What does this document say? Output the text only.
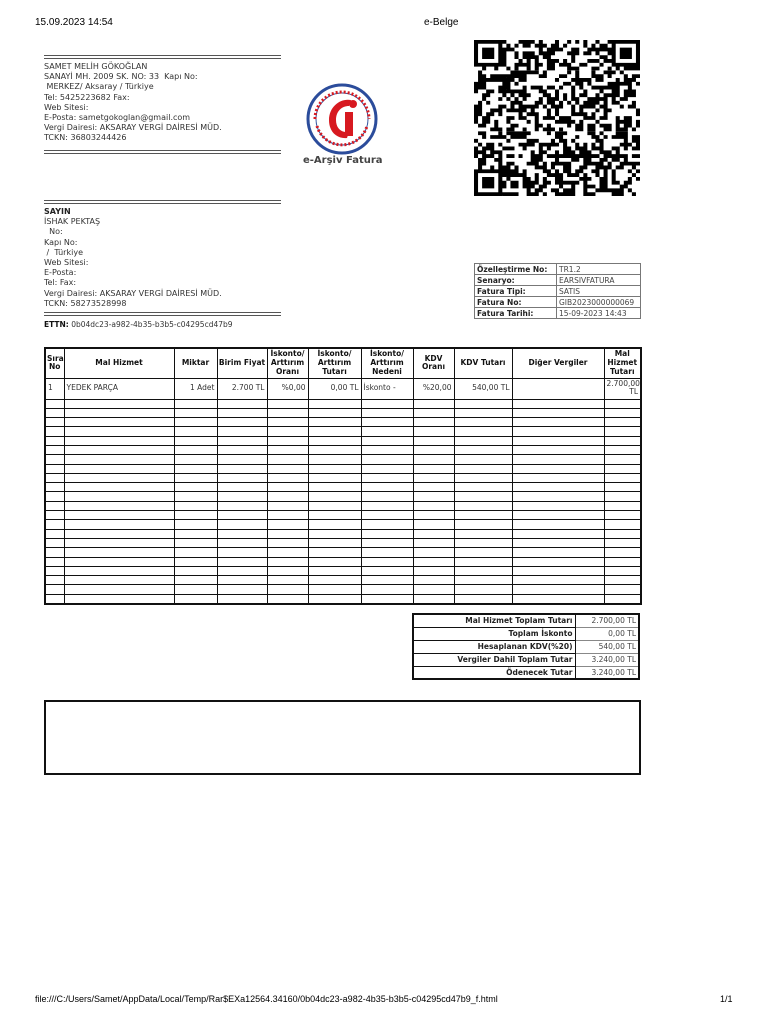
15.09.2023 14:54	e-Belge
SAMET MELİH GÖKOĞLAN
SANAYİ MH. 2009 SK. NO: 33  Kapı No:
MERKEZ/ Aksaray / Türkiye
Tel: 5425223682 Fax:
Web Sitesi:
E-Posta: sametgokoglan@gmail.com
Vergi Dairesi: AKSARAY VERGİ DAİRESİ MÜD.
TCKN: 36803244426
e-Arşiv Fatura
SAYIN
İSHAK PEKTAŞ
No:
Kapı No:
/  Türkiye
Web Sitesi:
E-Posta:
Tel: Fax:
Vergi Dairesi: AKSARAY VERGİ DAİRESİ MÜD.
TCKN: 58273528998
Özelleştirme No:	TR1.2
Senaryo:	EARSIVFATURA
Fatura Tipi:	SATIS
Fatura No:	GIB2023000000069
Fatura Tarihi:	15-09-2023 14:43
ETTN: 0b04dc23-a982-4b35-b3b5-c04295cd47b9
Sıra
No	Mal Hizmet	Miktar	Birim Fiyat	İskonto/
Arttırım
Oranı	İskonto/
Arttırım
Tutarı	İskonto/
Arttırım
Nedeni	KDV
Oranı	KDV Tutarı	Diğer Vergiler	Mal
Hizmet
Tutarı
1	YEDEK PARÇA	1 Adet	2.700 TL	%0,00	0,00 TL	İskonto -	%20,00	540,00 TL		2.700,00
TL

Mal Hizmet Toplam Tutarı	2.700,00 TL
Toplam İskonto	0,00 TL
Hesaplanan KDV(%20)	540,00 TL
Vergiler Dahil Toplam Tutar	3.240,00 TL
Ödenecek Tutar	3.240,00 TL
file:///C:/Users/Samet/AppData/Local/Temp/Rar$EXa12564.34160/0b04dc23-a982-4b35-b3b5-c04295cd47b9_f.html	1/1
